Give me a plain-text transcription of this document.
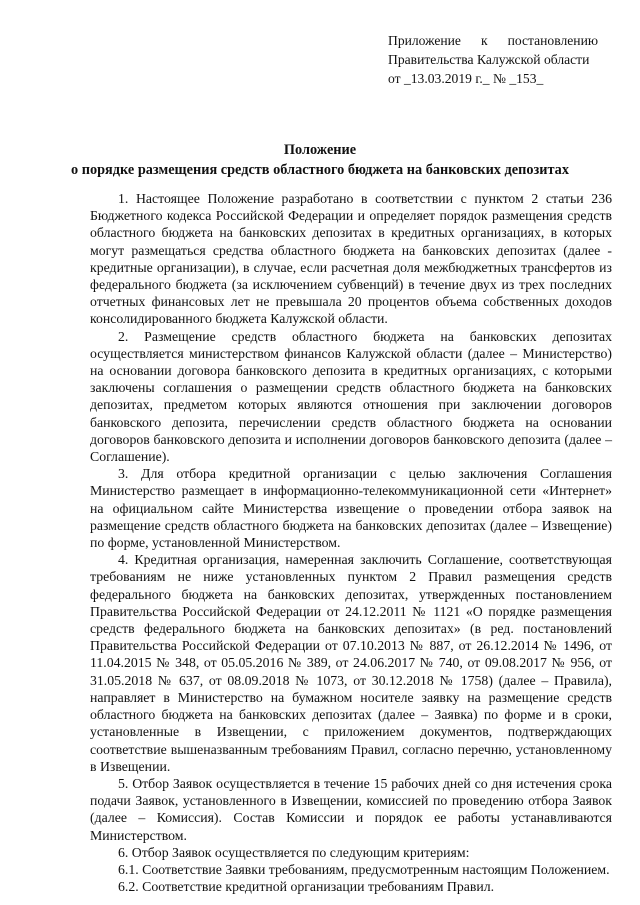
Приложение к постановлению
Правительства Калужской области
от _13.03.2019 г._ № _153_
Положение
о порядке размещения средств областного бюджета на банковских депозитах

1. Настоящее Положение разработано в соответствии с пунктом 2 статьи 236 Бюджетного кодекса Российской Федерации и определяет порядок размещения средств областного бюджета на банковских депозитах в кредитных организациях, в которых могут размещаться средства областного бюджета на банковских депозитах (далее - кредитные организации), в случае, если расчетная доля межбюджетных трансфертов из федерального бюджета (за исключением субвенций) в течение двух из трех последних отчетных финансовых лет не превышала 20 процентов объема собственных доходов консолидированного бюджета Калужской области.

2. Размещение средств областного бюджета на банковских депозитах осуществляется министерством финансов Калужской области (далее – Министерство) на основании договора банковского депозита в кредитных организациях, с которыми заключены соглашения о размещении средств областного бюджета на банковских депозитах, предметом которых являются отношения при заключении договоров банковского депозита, перечислении средств областного бюджета на основании договоров банковского депозита и исполнении договоров банковского депозита (далее – Соглашение).

3. Для отбора кредитной организации с целью заключения Соглашения Министерство размещает в информационно-телекоммуникационной сети «Интернет» на официальном сайте Министерства извещение о проведении отбора заявок на размещение средств областного бюджета на банковских депозитах (далее – Извещение) по форме, установленной Министерством.

4. Кредитная организация, намеренная заключить Соглашение, соответствующая требованиям не ниже установленных пунктом 2 Правил размещения средств федерального бюджета на банковских депозитах, утвержденных постановлением Правительства Российской Федерации от 24.12.2011 № 1121 «О порядке размещения средств федерального бюджета на банковских депозитах» (в ред. постановлений Правительства Российской Федерации от 07.10.2013 № 887, от 26.12.2014 № 1496, от 11.04.2015 № 348, от 05.05.2016 № 389, от 24.06.2017 № 740, от 09.08.2017 № 956, от 31.05.2018 № 637, от 08.09.2018 № 1073, от 30.12.2018 № 1758) (далее – Правила), направляет в Министерство на бумажном носителе заявку на размещение средств областного бюджета на банковских депозитах (далее – Заявка) по форме и в сроки, установленные в Извещении, с приложением документов, подтверждающих соответствие вышеназванным требованиям Правил, согласно перечню, установленному в Извещении.

5. Отбор Заявок осуществляется в течение 15 рабочих дней со дня истечения срока подачи Заявок, установленного в Извещении, комиссией по проведению отбора Заявок (далее – Комиссия). Состав Комиссии и порядок ее работы устанавливаются Министерством.

6. Отбор Заявок осуществляется по следующим критериям:

6.1. Соответствие Заявки требованиям, предусмотренным настоящим Положением.

6.2. Соответствие кредитной организации требованиям Правил.
